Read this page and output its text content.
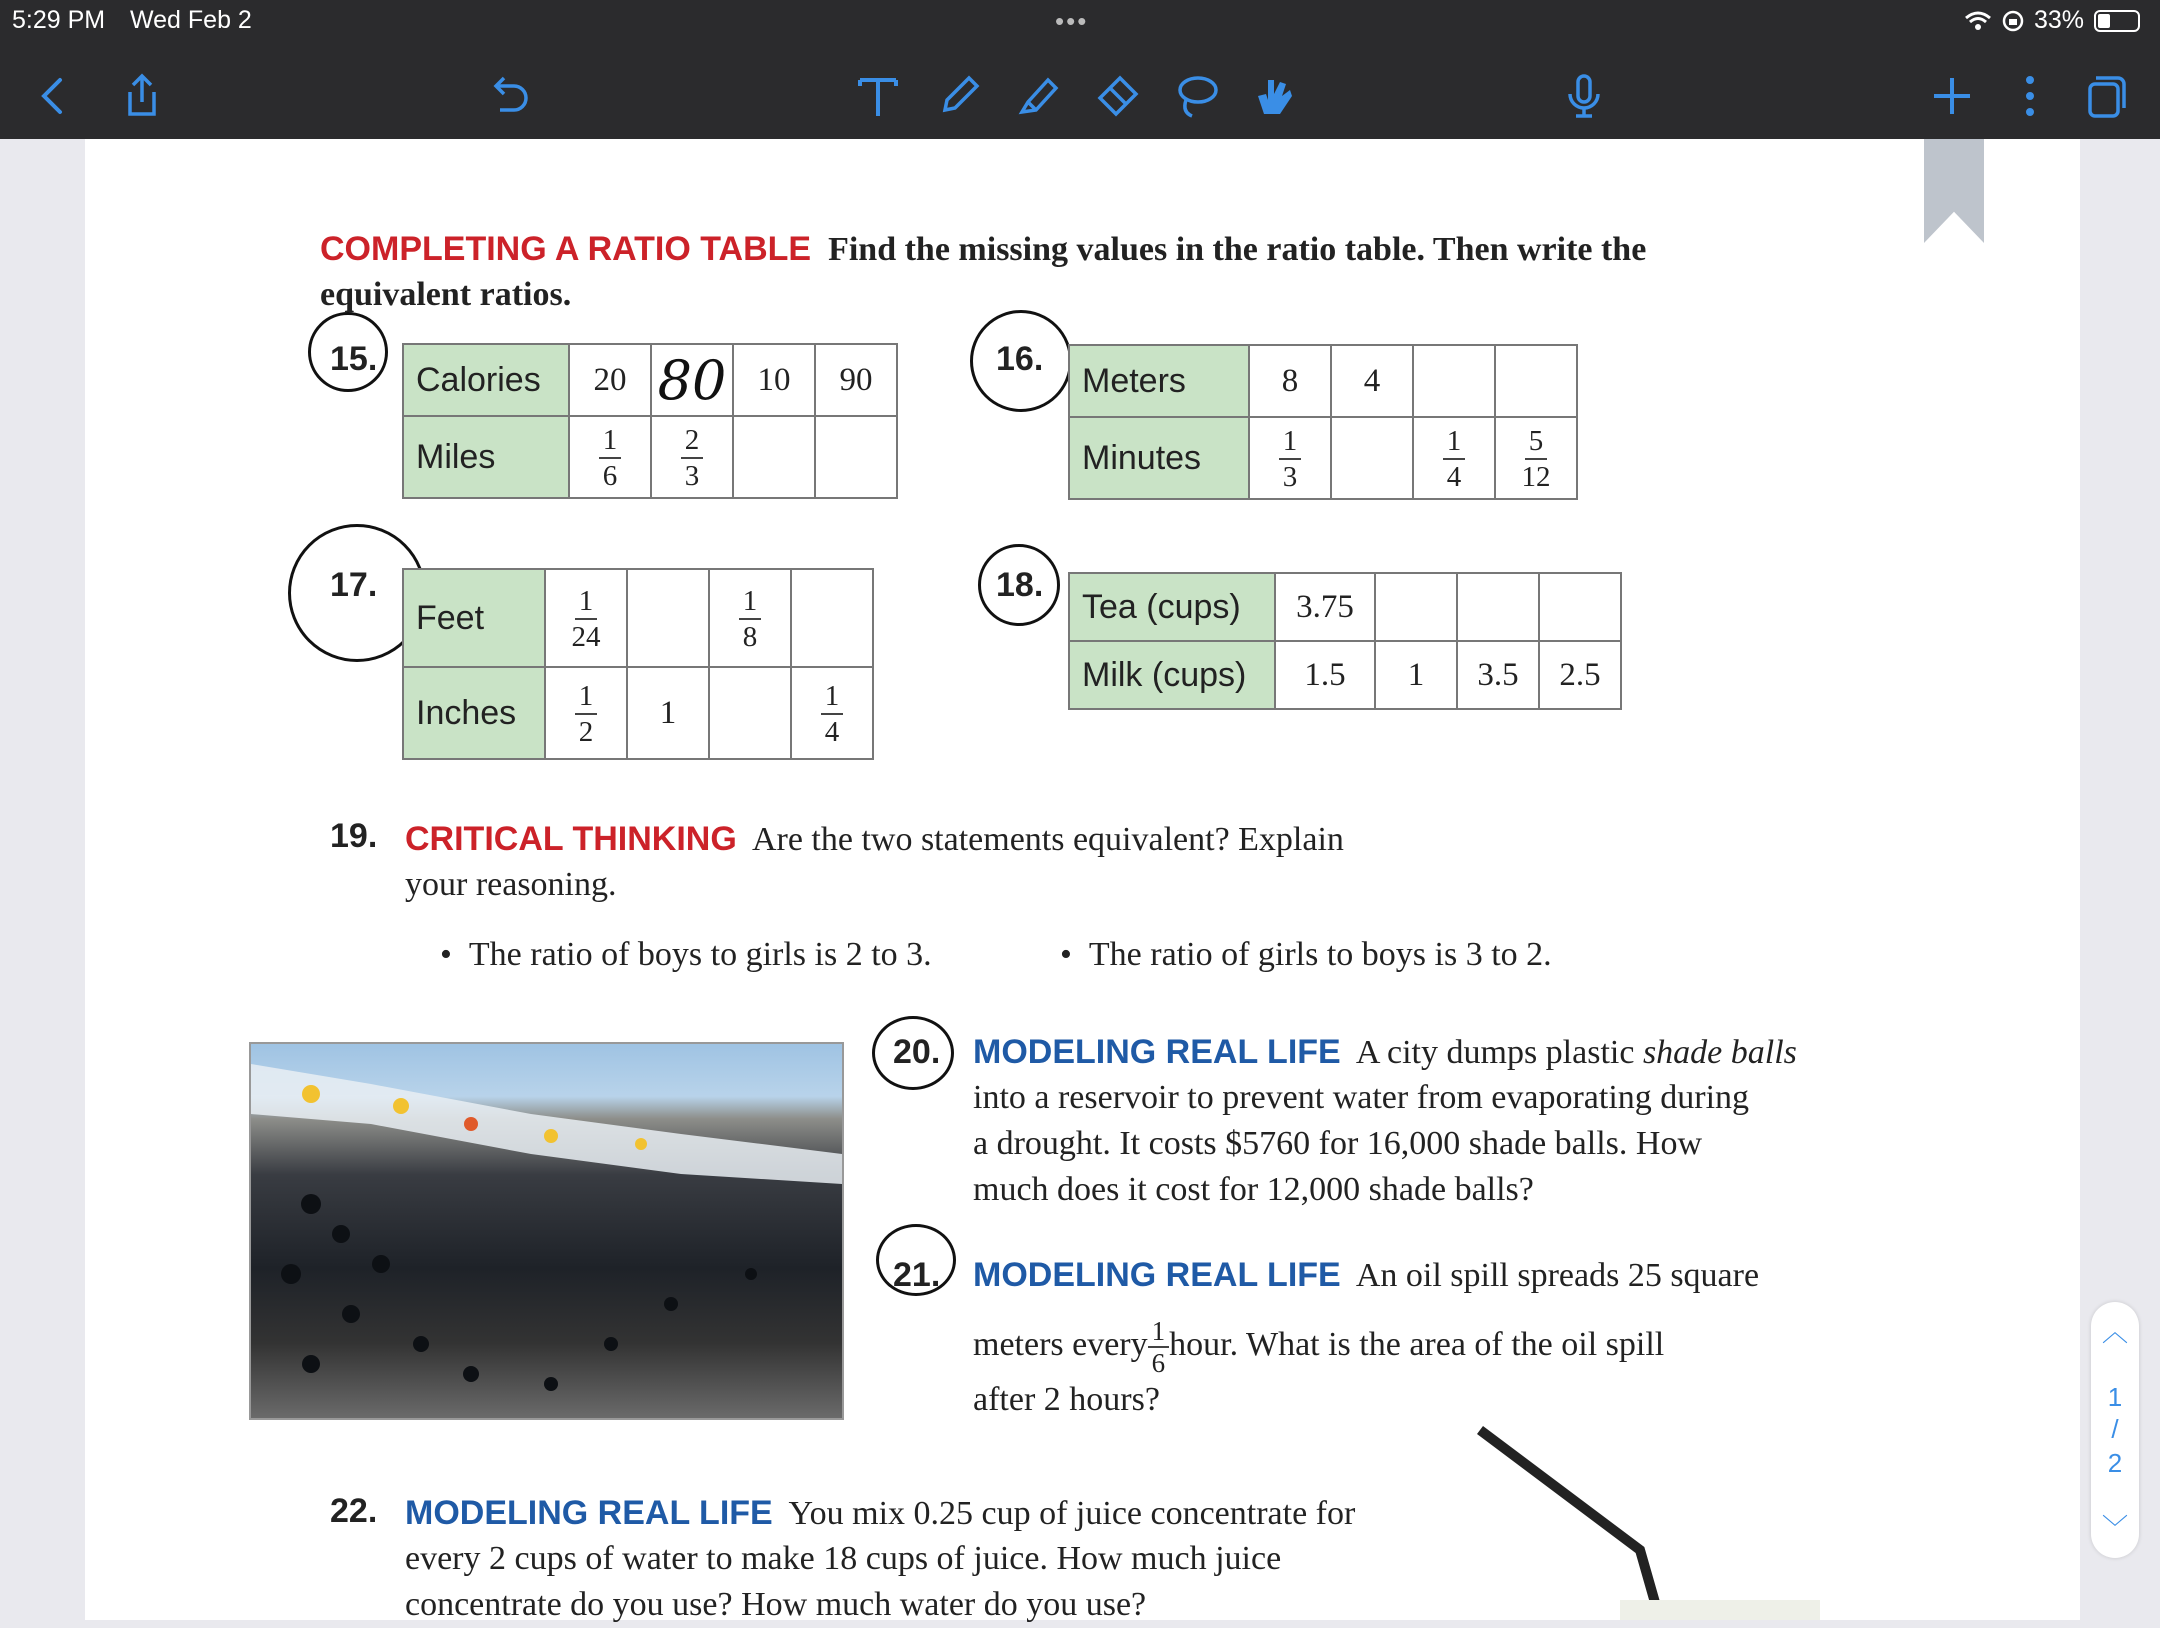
5:29 PM Wed Feb 2	•••	33%
COMPLETING A RATIO TABLE Find the missing values in the ratio table. Then write the
equivalent ratios.
15.
Calories	20	80	10	90
Miles	$\frac{1}{6}$	$\frac{2}{3}$

16.
Meters	8	4		
Minutes	$\frac{1}{3}$		$\frac{1}{4}$	$\frac{5}{12}$
17.
Feet	$\frac{1}{24}$		$\frac{1}{8}$

Inches	$\frac{1}{2}$	1		$\frac{1}{4}$
18.
Tea (cups)	3.75			
Milk (cups)	1.5	1	3.5	2.5
19. CRITICAL THINKING Are the two statements equivalent? Explain
your reasoning.
•  The ratio of boys to girls is 2 to 3.	•  The ratio of girls to boys is 3 to 2.
20. MODELING REAL LIFE A city dumps plastic shade balls
into a reservoir to prevent water from evaporating during
a drought. It costs $5760 for 16,000 shade balls. How
much does it cost for 12,000 shade balls?
21. MODELING REAL LIFE An oil spill spreads 25 square
meters every $\frac{1}{6}$ hour. What is the area of the oil spill
after 2 hours?
22. MODELING REAL LIFE You mix 0.25 cup of juice concentrate for
every 2 cups of water to make 18 cups of juice. How much juice
concentrate do you use? How much water do you use?
︿
1
/
2
﹀
